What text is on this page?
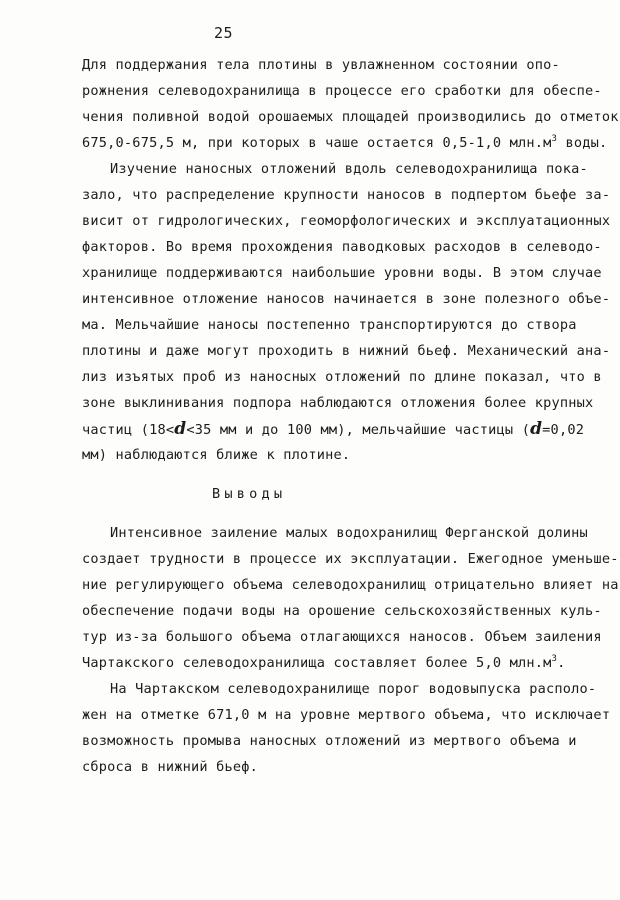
25
Для поддержания тела плотины в увлажненном состоянии опо-
рожнения селеводохранилища в процессе его сработки для обеспе-
чения поливной водой орошаемых площадей производились до отметок
675,0-675,5 м, при которых в чаше остается 0,5-1,0 $млн.м^3$ воды.
Изучение наносных отложений вдоль селеводохранилища пока-
зало, что распределение крупности наносов в подпертом бьефе за-
висит от гидрологических, геоморфологических и эксплуатационных
факторов. Во время прохождения паводковых расходов в селеводо-
хранилище поддерживаются наибольшие уровни воды. В этом случае
интенсивное отложение наносов начинается в зоне полезного объе-
ма. Мельчайшие наносы постепенно транспортируются до створа
плотины и даже могут проходить в нижний бьеф. Механический ана-
лиз изъятых проб из наносных отложений по длине показал, что в
зоне выклинивания подпора наблюдаются отложения более крупных
частиц (18<d<35 мм и до 100 мм), мельчайшие частицы (d=0,02
мм) наблюдаются ближе к плотине.
Выводы
Интенсивное заиление малых водохранилищ Ферганской долины
создает трудности в процессе их эксплуатации. Ежегодное уменьше-
ние регулирующего объема селеводохранилищ отрицательно влияет на
обеспечение подачи воды на орошение сельскохозяйственных куль-
тур из-за большого объема отлагающихся наносов. Объем заиления
Чартакского селеводохранилища составляет более 5,0 $млн.м^3$.
На Чартакском селеводохранилище порог водовыпуска располо-
жен на отметке 671,0 м на уровне мертвого объема, что исключает
возможность промыва наносных отложений из мертвого объема и
сброса в нижний бьеф.
